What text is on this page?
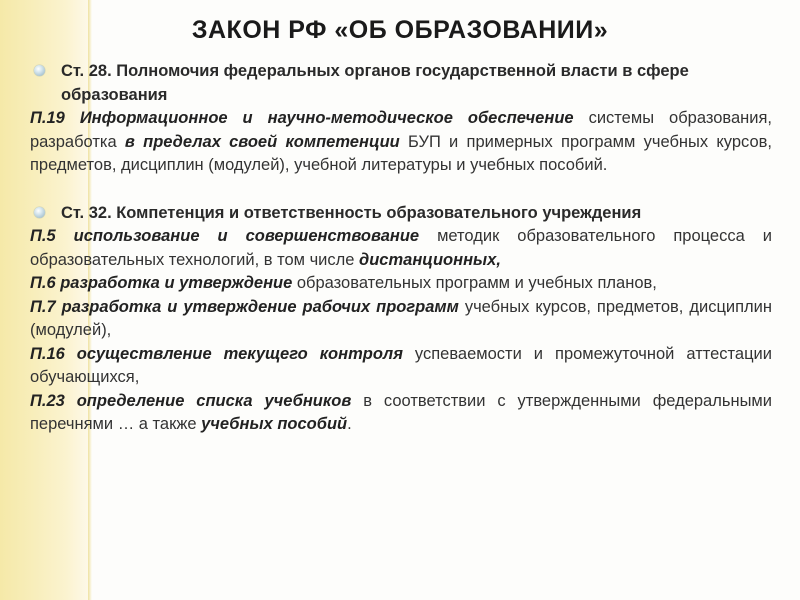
ЗАКОН РФ «ОБ ОБРАЗОВАНИИ»
Ст. 28. Полномочия федеральных органов государственной власти в сфере образования

П.19 Информационное и научно-методическое обеспечение системы образования, разработка в пределах своей компетенции БУП и примерных программ учебных курсов, предметов, дисциплин (модулей), учебной литературы и учебных пособий.

Ст. 32. Компетенция и ответственность образовательного учреждения

П.5 использование и совершенствование методик образовательного процесса и образовательных технологий, в том числе дистанционных,

П.6 разработка и утверждение образовательных программ и учебных планов,

П.7 разработка и утверждение рабочих программ учебных курсов, предметов, дисциплин (модулей),

П.16 осуществление текущего контроля успеваемости и промежуточной аттестации обучающихся,

П.23 определение списка учебников в соответствии с утвержденными федеральными перечнями … а также учебных пособий.
